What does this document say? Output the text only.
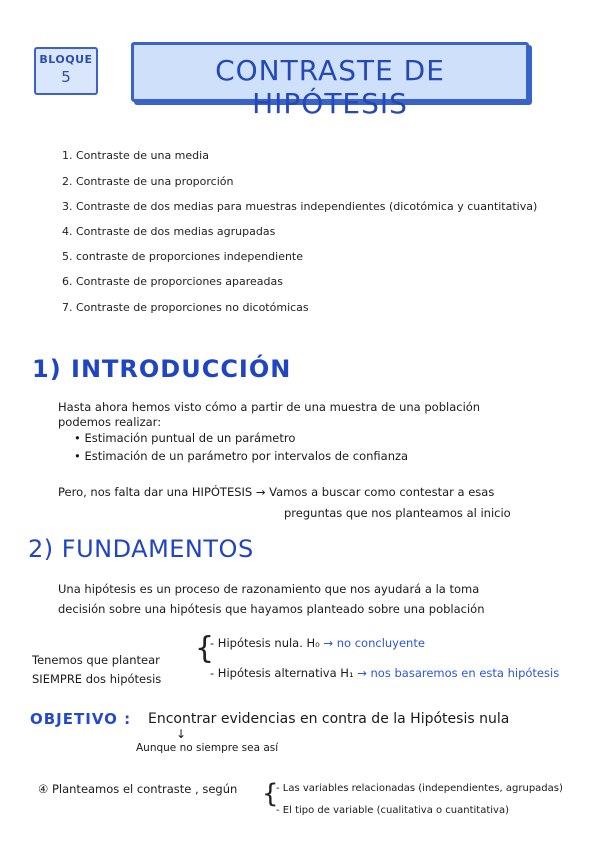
BLOQUE
5	CONTRASTE DE HIPÓTESIS
1. Contraste de una media
2. Contraste de una proporción
3. Contraste de dos medias para muestras independientes (dicotómica y cuantitativa)
4. Contraste de dos medias agrupadas
5. contraste de proporciones independiente
6. Contraste de proporciones apareadas
7. Contraste de proporciones no dicotómicas
1) INTRODUCCIÓN
Hasta ahora hemos visto cómo a partir de una muestra de una población
podemos realizar:
• Estimación puntual de un parámetro
• Estimación de un parámetro por intervalos de confianza
Pero, nos falta dar una HIPÓTESIS → Vamos a buscar como contestar a esas
preguntas que nos planteamos al inicio
2) FUNDAMENTOS
Una hipótesis es un proceso de razonamiento que nos ayudará a la toma
decisión sobre una hipótesis que hayamos planteado sobre una población
Tenemos que plantear
SIEMPRE dos hipótesis
{
- Hipótesis nula. H₀ → no concluyente
- Hipótesis alternativa H₁ → nos basaremos en esta hipótesis
OBJETIVO : Encontrar evidencias en contra de la Hipótesis nula
↓
Aunque no siempre sea así
④ Planteamos el contraste , según {
- Las variables relacionadas (independientes, agrupadas)
- El tipo de variable (cualitativa o cuantitativa)
